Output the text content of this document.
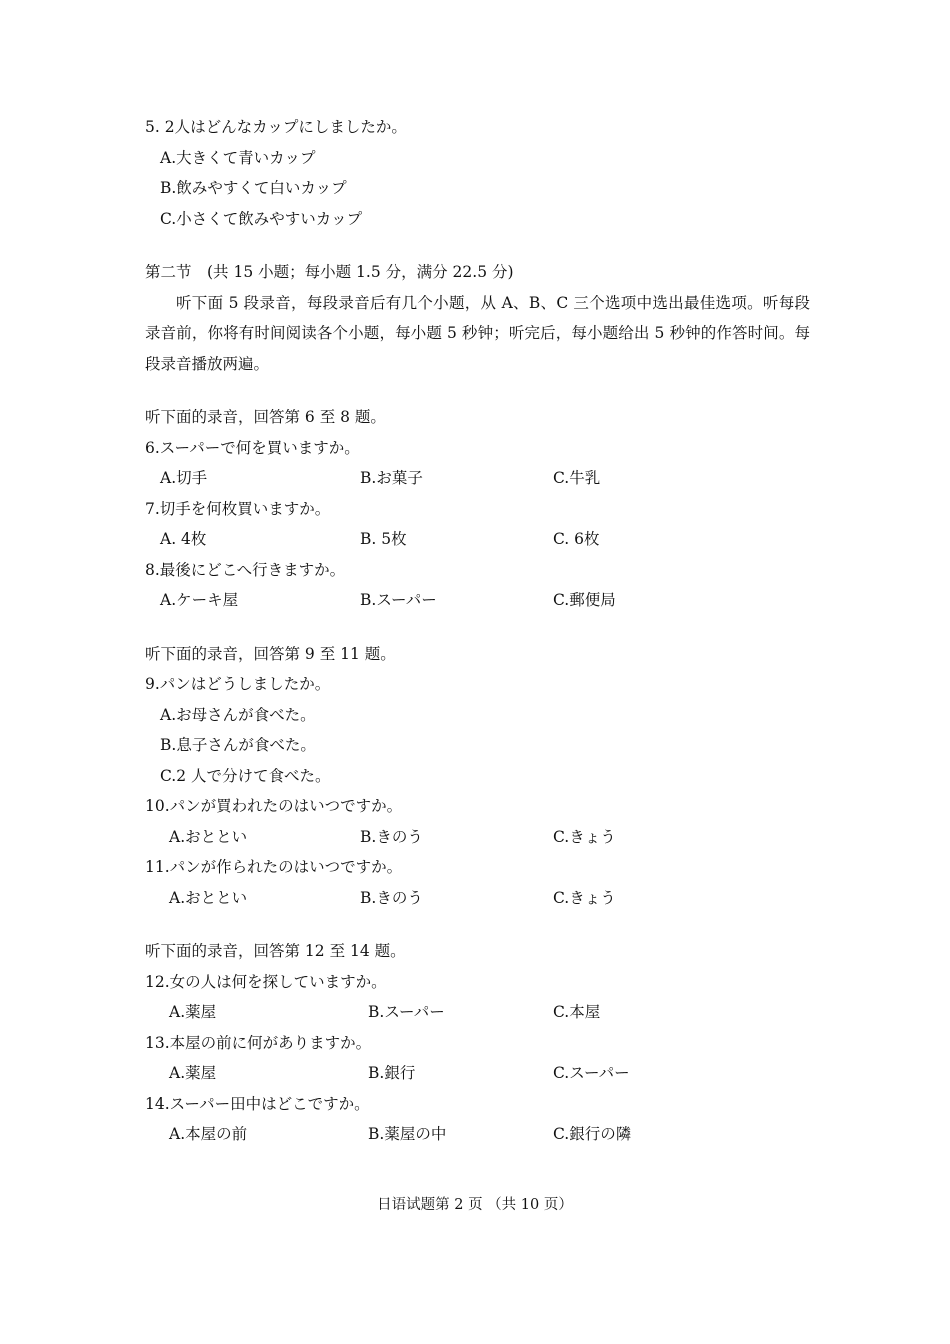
5. 2人はどんなカップにしましたか。
A.大きくて青いカップ
B.飲みやすくて白いカップ
C.小さくて飲みやすいカップ
第二节　(共 15 小题；每小题 1.5 分，满分 22.5 分)
听下面 5 段录音，每段录音后有几个小题，从 A、B、C 三个选项中选出最佳选项。听每段录音前，你将有时间阅读各个小题，每小题 5 秒钟；听完后，每小题给出 5 秒钟的作答时间。每段录音播放两遍。
听下面的录音，回答第 6 至 8 题。
6.スーパーで何を買いますか。
A.切手	B.お菓子	C.牛乳
7.切手を何枚買いますか。
A. 4枚	B. 5枚	C. 6枚
8.最後にどこへ行きますか。
A.ケーキ屋	B.スーパー	C.郵便局
听下面的录音，回答第 9 至 11 题。
9.パンはどうしましたか。
A.お母さんが食べた。
B.息子さんが食べた。
C.2 人で分けて食べた。
10.パンが買われたのはいつですか。
A.おととい	B.きのう	C.きょう
11.パンが作られたのはいつですか。
A.おととい	B.きのう	C.きょう
听下面的录音，回答第 12 至 14 题。
12.女の人は何を探していますか。
A.薬屋	B.スーパー	C.本屋
13.本屋の前に何がありますか。
A.薬屋	B.銀行	C.スーパー
14.スーパー田中はどこですか。
A.本屋の前	B.薬屋の中	C.銀行の隣
日语试题第 2 页 （共 10 页）
